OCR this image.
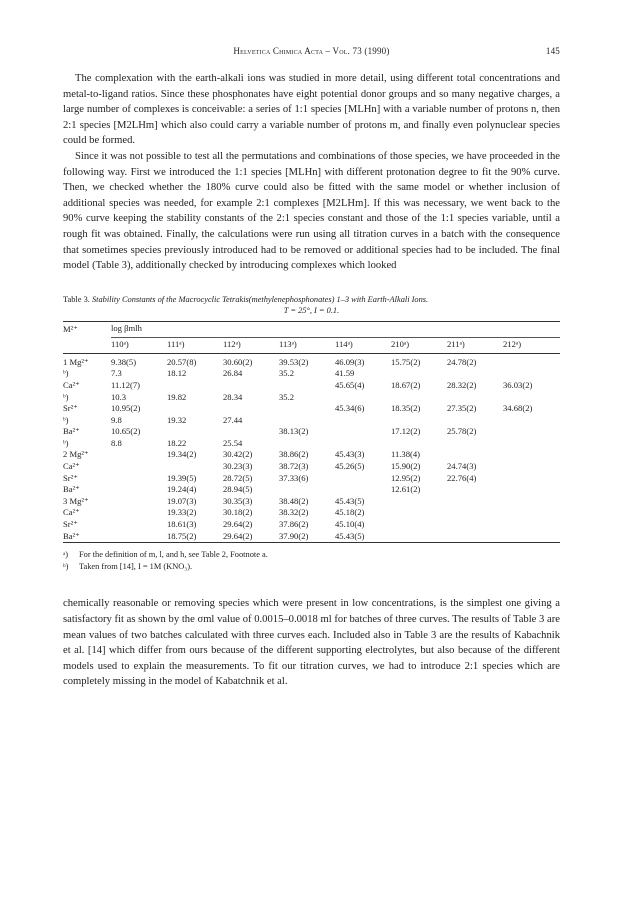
Helvetica Chimica Acta – Vol. 73 (1990)	145

The complexation with the earth-alkali ions was studied in more detail, using different total concentrations and metal-to-ligand ratios. Since these phosphonates have eight potential donor groups and so many negative charges, a large number of complexes is conceivable: a series of 1:1 species [MLHn] with a variable number of protons n, then 2:1 species [M2LHm] which also could carry a variable number of protons m, and finally even polynuclear species could be formed.

Since it was not possible to test all the permutations and combinations of those species, we have proceeded in the following way. First we introduced the 1:1 species [MLHn] with different protonation degree to fit the 90% curve. Then, we checked whether the 180% curve could also be fitted with the same model or whether inclusion of additional species was needed, for example 2:1 complexes [M2LHm]. If this was necessary, we went back to the 90% curve keeping the stability constants of the 2:1 species constant and those of the 1:1 species variable, until a rough fit was obtained. Finally, the calculations were run using all titration curves in a batch with the consequence that sometimes species previously introduced had to be removed or additional species had to be included. The final model (Table 3), additionally checked by introducing complexes which looked

Table 3. Stability Constants of the Macrocyclic Tetrakis(methylenephosphonates) 1–3 with Earth-Alkali Ions.
T = 25°, I = 0.1.
M²⁺	log βmlh							
	110ᵃ)	111ᵃ)	112ᵃ)	113ᵃ)	114ᵃ)	210ᵃ)	211ᵃ)	212ᵃ)

1 Mg²⁺	9.38(5)	20.57(8)	30.60(2)	39.53(2)	46.09(3)	15.75(2)	24.78(2)	
ᵇ)	7.3	18.12	26.84	35.2	41.59			
Ca²⁺	11.12(7)				45.65(4)	18.67(2)	28.32(2)	36.03(2)
ᵇ)	10.3	19.82	28.34	35.2				
Sr²⁺	10.95(2)				45.34(6)	18.35(2)	27.35(2)	34.68(2)
ᵇ)	9.8	19.32	27.44					
Ba²⁺	10.65(2)			38.13(2)		17.12(2)	25.78(2)	
ᵇ)	8.8	18.22	25.54					
2 Mg²⁺		19.34(2)	30.42(2)	38.86(2)	45.43(3)	11.38(4)		
Ca²⁺			30.23(3)	38.72(3)	45.26(5)	15.90(2)	24.74(3)	
Sr²⁺		19.39(5)	28.72(5)	37.33(6)		12.95(2)	22.76(4)	
Ba²⁺		19.24(4)	28.94(5)			12.61(2)		
3 Mg²⁺		19.07(3)	30.35(3)	38.48(2)	45.43(5)			
Ca²⁺		19.33(2)	30.18(2)	38.32(2)	45.18(2)			
Sr²⁺		18.61(3)	29.64(2)	37.86(2)	45.10(4)			
Ba²⁺		18.75(2)	29.64(2)	37.90(2)	45.43(5)			
ᵃ)	For the definition of m, l, and h, see Table 2, Footnote a.
ᵇ)	Taken from [14], I = 1M (KNO₃).

chemically reasonable or removing species which were present in low concentrations, is the simplest one giving a satisfactory fit as shown by the σml value of 0.0015–0.0018 ml for batches of three curves. The results of Table 3 are mean values of two batches calculated with three curves each. Included also in Table 3 are the results of Kabachnik et al. [14] which differ from ours because of the different supporting electrolytes, but also because of the different models used to explain the measurements. To fit our titration curves, we had to introduce 2:1 species which are completely missing in the model of Kabatchnik et al.
